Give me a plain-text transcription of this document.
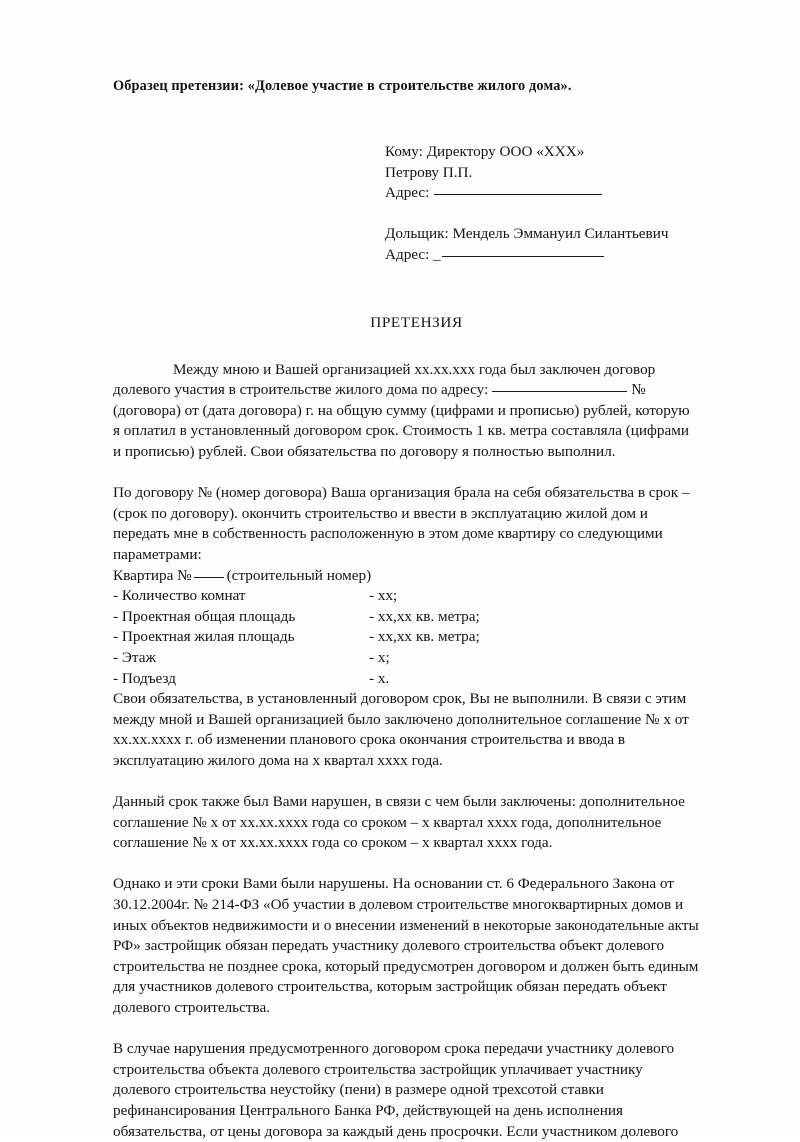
Образец претензии: «Долевое участие в строительстве жилого дома».
Кому: Директору ООО «XXX»
Петрову П.П.
Адрес:
Дольщик: Мендель Эммануил Силантьевич
Адрес: _
ПРЕТЕНЗИЯ

Между мною и Вашей организацией xx.xx.xxx года был заключен договор долевого участия в строительстве жилого дома по адресу:	№ (договора) от (дата договора) г. на общую сумму (цифрами и прописью) рублей, которую я оплатил в установленный договором срок. Стоимость 1 кв. метра составляла (цифрами и прописью) рублей. Свои обязательства по договору я полностью выполнил.

По договору № (номер договора) Ваша организация брала на себя обязательства в срок – (срок по договору). окончить строительство и ввести в эксплуатацию жилой дом и передать мне в собственность расположенную в этом доме квартиру со следующими параметрами:

Квартира № (строительный номер)
- Количество комнат	- xx;
- Проектная общая площадь	- xx,xx кв. метра;
- Проектная жилая площадь	- xx,xx кв. метра;
- Этаж	- x;
- Подъезд	- x.

Свои обязательства, в установленный договором срок, Вы не выполнили. В связи с этим между мной и Вашей организацией было заключено дополнительное соглашение № x от xx.xx.xxxx г. об изменении планового срока окончания строительства и ввода в эксплуатацию жилого дома на x квартал xxxx года.

Данный срок также был Вами нарушен, в связи с чем были заключены: дополнительное соглашение № x от xx.xx.xxxx года со сроком – x квартал xxxx года, дополнительное соглашение № x от xx.xx.xxxx года со сроком – x квартал xxxx года.

Однако и эти сроки Вами были нарушены. На основании ст. 6 Федерального Закона от 30.12.2004г. № 214-ФЗ «Об участии в долевом строительстве многоквартирных домов и иных объектов недвижимости и о внесении изменений в некоторые законодательные акты РФ» застройщик обязан передать участнику долевого строительства объект долевого строительства не позднее срока, который предусмотрен договором и должен быть единым для участников долевого строительства, которым застройщик обязан передать объект долевого строительства.

В случае нарушения предусмотренного договором срока передачи участнику долевого строительства объекта долевого строительства застройщик уплачивает участнику долевого строительства неустойку (пени) в размере одной трехсотой ставки рефинансирования Центрального Банка РФ, действующей на день исполнения обязательства, от цены договора за каждый день просрочки. Если участником долевого
